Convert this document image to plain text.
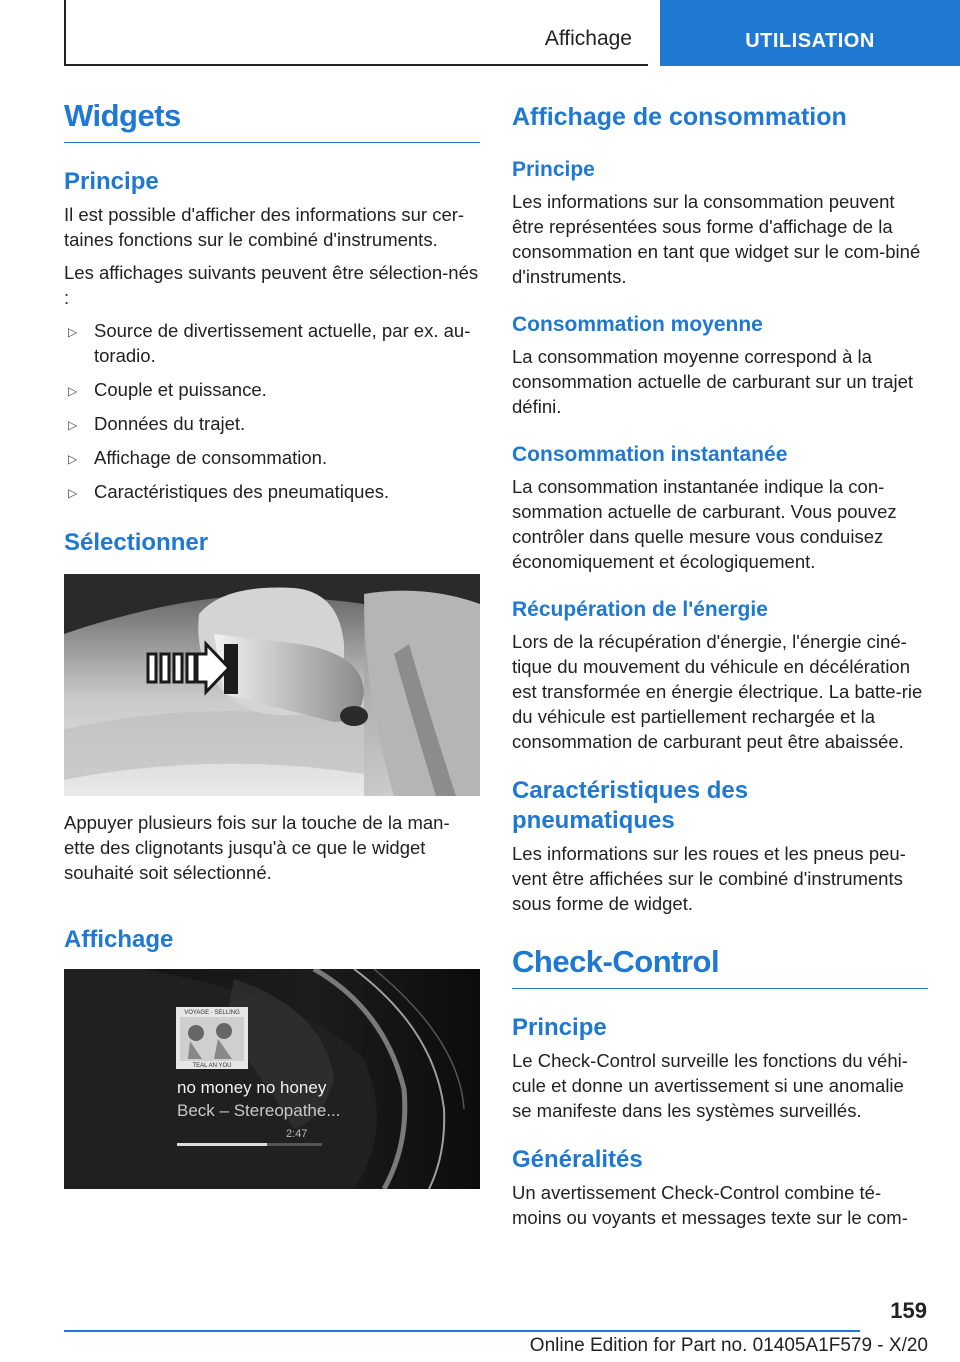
Affichage	UTILISATION
Widgets
Principe

Il est possible d'afficher des informations sur cer-taines fonctions sur le combiné d'instruments.

Les affichages suivants peuvent être sélection-nés :

▷ Source de divertissement actuelle, par ex. au-toradio.
▷ Couple et puissance.
▷ Données du trajet.
▷ Affichage de consommation.
▷ Caractéristiques des pneumatiques.
Sélectionner

Appuyer plusieurs fois sur la touche de la man-ette des clignotants jusqu'à ce que le widget souhaité soit sélectionné.

Affichage
VOYAGE · SELLING
TEAL AN YOU
no money no honey
Beck – Stereopathe...
2:47
Affichage de consommation
Principe

Les informations sur la consommation peuvent être représentées sous forme d'affichage de la consommation en tant que widget sur le com-biné d'instruments.

Consommation moyenne

La consommation moyenne correspond à la consommation actuelle de carburant sur un trajet défini.

Consommation instantanée

La consommation instantanée indique la con-sommation actuelle de carburant. Vous pouvez contrôler dans quelle mesure vous conduisez économiquement et écologiquement.

Récupération de l'énergie

Lors de la récupération d'énergie, l'énergie ciné-tique du mouvement du véhicule en décélération est transformée en énergie électrique. La batte-rie du véhicule est partiellement rechargée et la consommation de carburant peut être abaissée.

Caractéristiques des
pneumatiques

Les informations sur les roues et les pneus peu-vent être affichées sur le combiné d'instruments sous forme de widget.

Check-Control
Principe

Le Check-Control surveille les fonctions du véhi-cule et donne un avertissement si une anomalie se manifeste dans les systèmes surveillés.

Généralités

Un avertissement Check-Control combine té-moins ou voyants et messages texte sur le com-

159
Online Edition for Part no. 01405A1F579 - X/20
